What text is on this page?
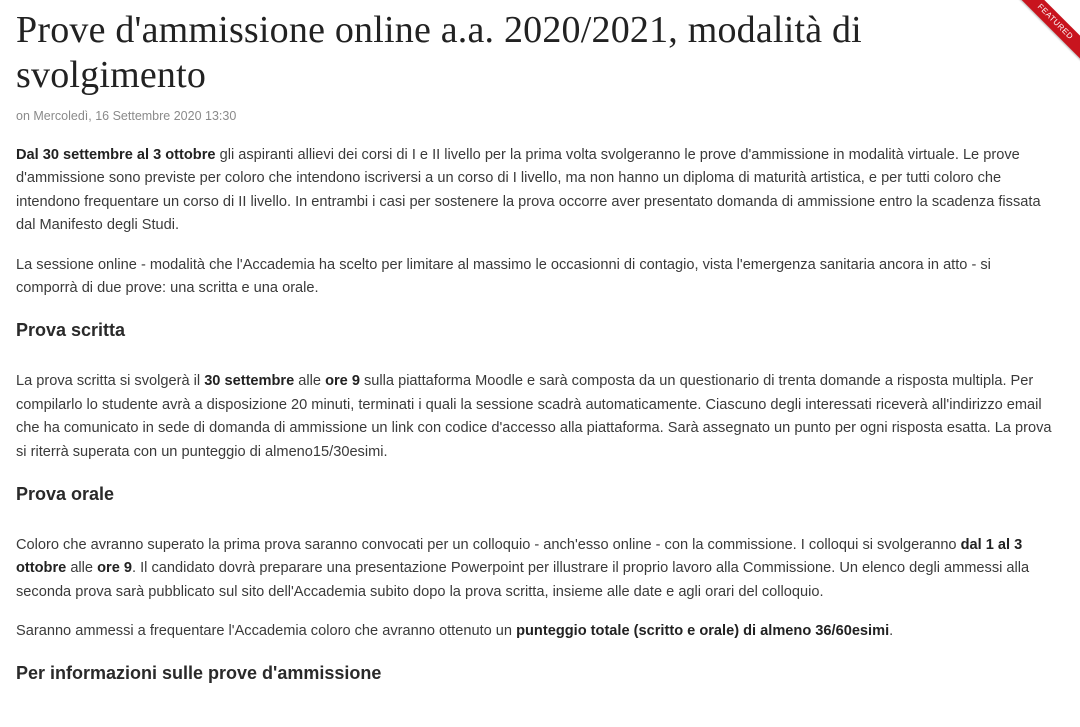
FEATURED
Prove d'ammissione online a.a. 2020/2021, modalità di svolgimento
on Mercoledì, 16 Settembre 2020 13:30

Dal 30 settembre al 3 ottobre gli aspiranti allievi dei corsi di I e II livello per la prima volta svolgeranno le prove d'ammissione in modalità virtuale. Le prove d'ammissione sono previste per coloro che intendono iscriversi a un corso di I livello, ma non hanno un diploma di maturità artistica, e per tutti coloro che intendono frequentare un corso di II livello. In entrambi i casi per sostenere la prova occorre aver presentato domanda di ammissione entro la scadenza fissata dal Manifesto degli Studi.

La sessione online - modalità che l'Accademia ha scelto per limitare al massimo le occasionni di contagio, vista l'emergenza sanitaria ancora in atto - si comporrà di due prove: una scritta e una orale.

Prova scritta

La prova scritta si svolgerà il 30 settembre alle ore 9 sulla piattaforma Moodle e sarà composta da un questionario di trenta domande a risposta multipla. Per compilarlo lo studente avrà a disposizione 20 minuti, terminati i quali la sessione scadrà automaticamente. Ciascuno degli interessati riceverà all'indirizzo email che ha comunicato in sede di domanda di ammissione un link con codice d'accesso alla piattaforma. Sarà assegnato un punto per ogni risposta esatta. La prova si riterrà superata con un punteggio di almeno15/30esimi.

Prova orale

Coloro che avranno superato la prima prova saranno convocati per un colloquio - anch'esso online - con la commissione. I colloqui si svolgeranno dal 1 al 3 ottobre alle ore 9. Il candidato dovrà preparare una presentazione Powerpoint per illustrare il proprio lavoro alla Commissione. Un elenco degli ammessi alla seconda prova sarà pubblicato sul sito dell'Accademia subito dopo la prova scritta, insieme alle date e agli orari del colloquio.

Saranno ammessi a frequentare l'Accademia coloro che avranno ottenuto un punteggio totale (scritto e orale) di almeno 36/60esimi.

Per informazioni sulle prove d'ammissione
